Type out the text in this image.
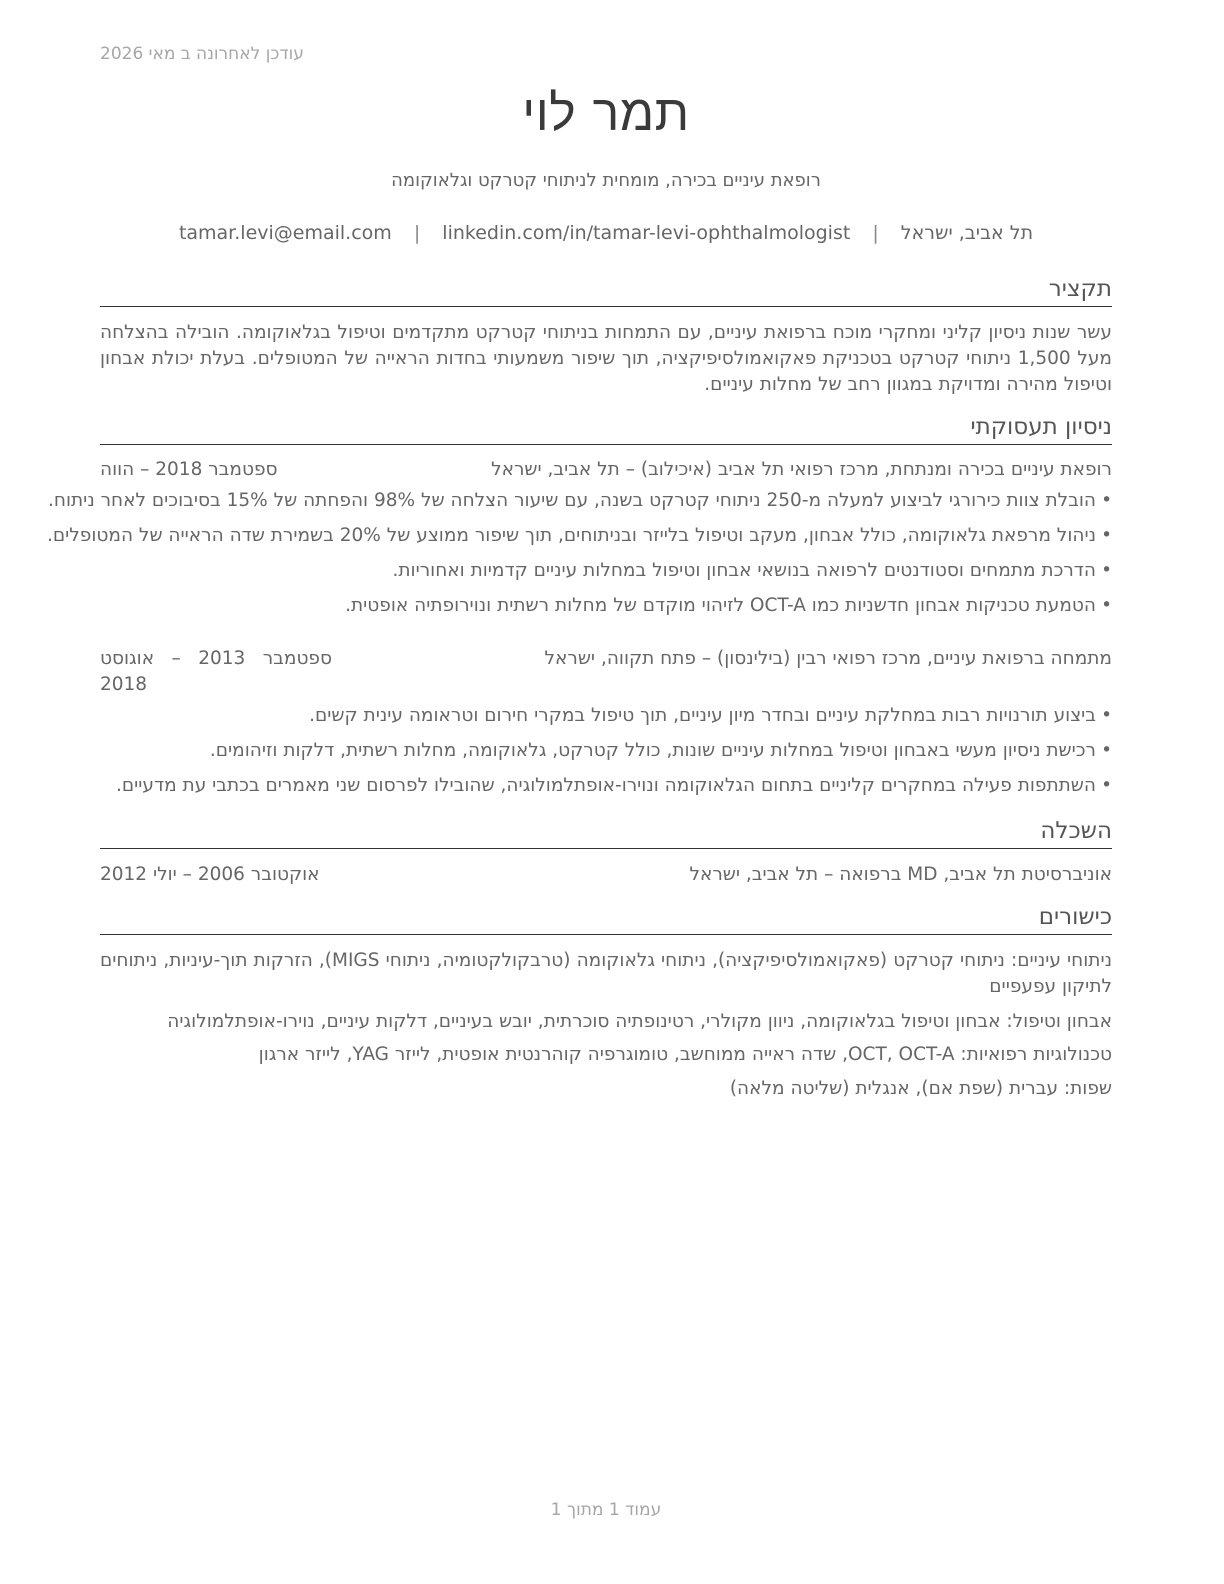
עודכן לאחרונה ב מאי 2026
תמר לוי
רופאת עיניים בכירה, מומחית לניתוחי קטרקט וגלאוקומה
תל אביב, ישראל | tamar.levi@email.com | linkedin.com/in/tamar-levi-ophthalmologist
תקציר
עשר שנות ניסיון קליני ומחקרי מוכח ברפואת עיניים, עם התמחות בניתוחי קטרקט מתקדמים וטיפול בגלאוקומה. הובילה בהצלחה מעל 1,500 ניתוחי קטרקט בטכניקת פאקואמולסיפיקציה, תוך שיפור משמעותי בחדות הראייה של המטופלים. בעלת יכולת אבחון וטיפול מהירה ומדויקת במגוון רחב של מחלות עיניים.
ניסיון תעסוקתי
רופאת עיניים בכירה ומנתחת, מרכז רפואי תל אביב (איכילוב) – תל אביב, ישראל
ספטמבר 2018 – הווה
• הובלת צוות כירורגי לביצוע למעלה מ-250 ניתוחי קטרקט בשנה, עם שיעור הצלחה של 98% והפחתה של 15% בסיבוכים לאחר ניתוח.
• ניהול מרפאת גלאוקומה, כולל אבחון, מעקב וטיפול בלייזר ובניתוחים, תוך שיפור ממוצע של 20% בשמירת שדה הראייה של המטופלים.
• הדרכת מתמחים וסטודנטים לרפואה בנושאי אבחון וטיפול במחלות עיניים קדמיות ואחוריות.
• הטמעת טכניקות אבחון חדשניות כמו OCT-A לזיהוי מוקדם של מחלות רשתית ונוירופתיה אופטית.
מתמחה ברפואת עיניים, מרכז רפואי רבין (בילינסון) – פתח תקווה, ישראל
ספטמבר 2013 – אוגוסט 2018
• ביצוע תורנויות רבות במחלקת עיניים ובחדר מיון עיניים, תוך טיפול במקרי חירום וטראומה עינית קשים.
• רכישת ניסיון מעשי באבחון וטיפול במחלות עיניים שונות, כולל קטרקט, גלאוקומה, מחלות רשתית, דלקות וזיהומים.
• השתתפות פעילה במחקרים קליניים בתחום הגלאוקומה ונוירו-אופתלמולוגיה, שהובילו לפרסום שני מאמרים בכתבי עת מדעיים.
השכלה
אוניברסיטת תל אביב, MD ברפואה – תל אביב, ישראל
אוקטובר 2006 – יולי 2012
כישורים
ניתוחי עיניים: ניתוחי קטרקט (פאקואמולסיפיקציה), ניתוחי גלאוקומה (טרבקולקטומיה, ניתוחי MIGS), הזרקות תוך-עיניות, ניתוחים לתיקון עפעפיים
אבחון וטיפול: אבחון וטיפול בגלאוקומה, ניוון מקולרי, רטינופתיה סוכרתית, יובש בעיניים, דלקות עיניים, נוירו-אופתלמולוגיה
טכנולוגיות רפואיות: OCT, OCT-A, שדה ראייה ממוחשב, טומוגרפיה קוהרנטית אופטית, לייזר YAG, לייזר ארגון
שפות: עברית (שפת אם), אנגלית (שליטה מלאה)
עמוד 1 מתוך 1
